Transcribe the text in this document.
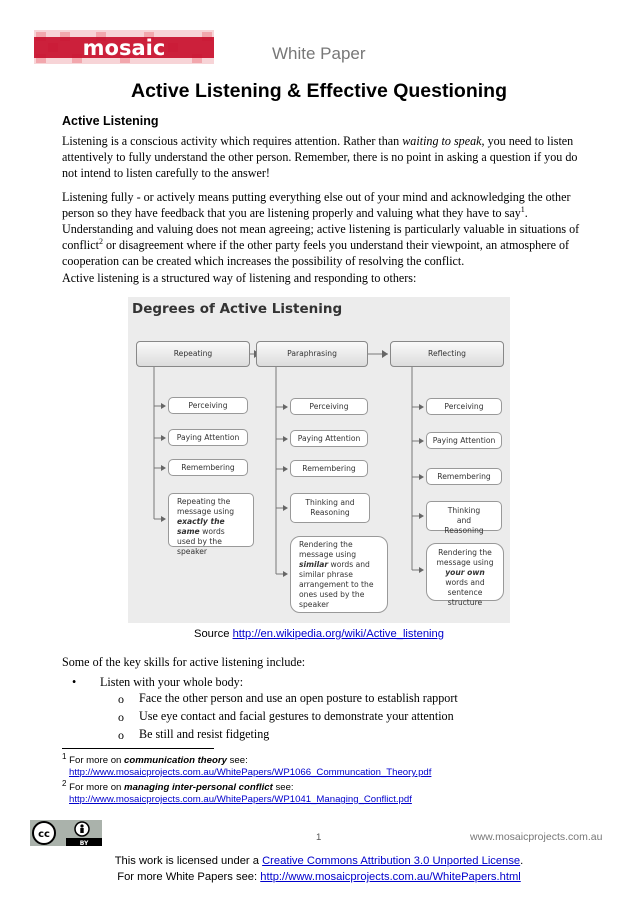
mosaic	White Paper
Active Listening & Effective Questioning
Active Listening

Listening is a conscious activity which requires attention. Rather than waiting to speak, you need to listen attentively to fully understand the other person. Remember, there is no point in asking a question if you do not intend to listen carefully to the answer!

Listening fully - or actively means putting everything else out of your mind and acknowledging the other person so they have feedback that you are listening properly and valuing what they have to say$^1$. Understanding and valuing does not mean agreeing; active listening is particularly valuable in situations of conflict$^2$ or disagreement where if the other party feels you understand their viewpoint, an atmosphere of cooperation can be created which increases the possibility of resolving the conflict.

Active listening is a structured way of listening and responding to others:
Degrees of Active Listening
Repeating
Perceiving
Paying Attention
Remembering
Repeating the message using exactly the same words used by the speaker
Paraphrasing
Perceiving
Paying Attention
Remembering
Thinking and Reasoning
Rendering the message using similar words and similar phrase arrangement to the ones used by the speaker
Reflecting
Perceiving
Paying Attention
Remembering
Thinking and Reasoning
Rendering the message using your own words and sentence structure
Source http://en.wikipedia.org/wiki/Active_listening
Some of the key skills for active listening include:
• Listen with your whole body:
o Face the other person and use an open posture to establish rapport
o Use eye contact and facial gestures to demonstrate your attention
o Be still and resist fidgeting
$^1$ For more on communication theory see:
http://www.mosaicprojects.com.au/WhitePapers/WP1066_Communcation_Theory.pdf
$^2$ For more on managing inter-personal conflict see:
http://www.mosaicprojects.com.au/WhitePapers/WP1041_Managing_Conflict.pdf
cc
BY
1	www.mosaicprojects.com.au
This work is licensed under a Creative Commons Attribution 3.0 Unported License.
For more White Papers see: http://www.mosaicprojects.com.au/WhitePapers.html
